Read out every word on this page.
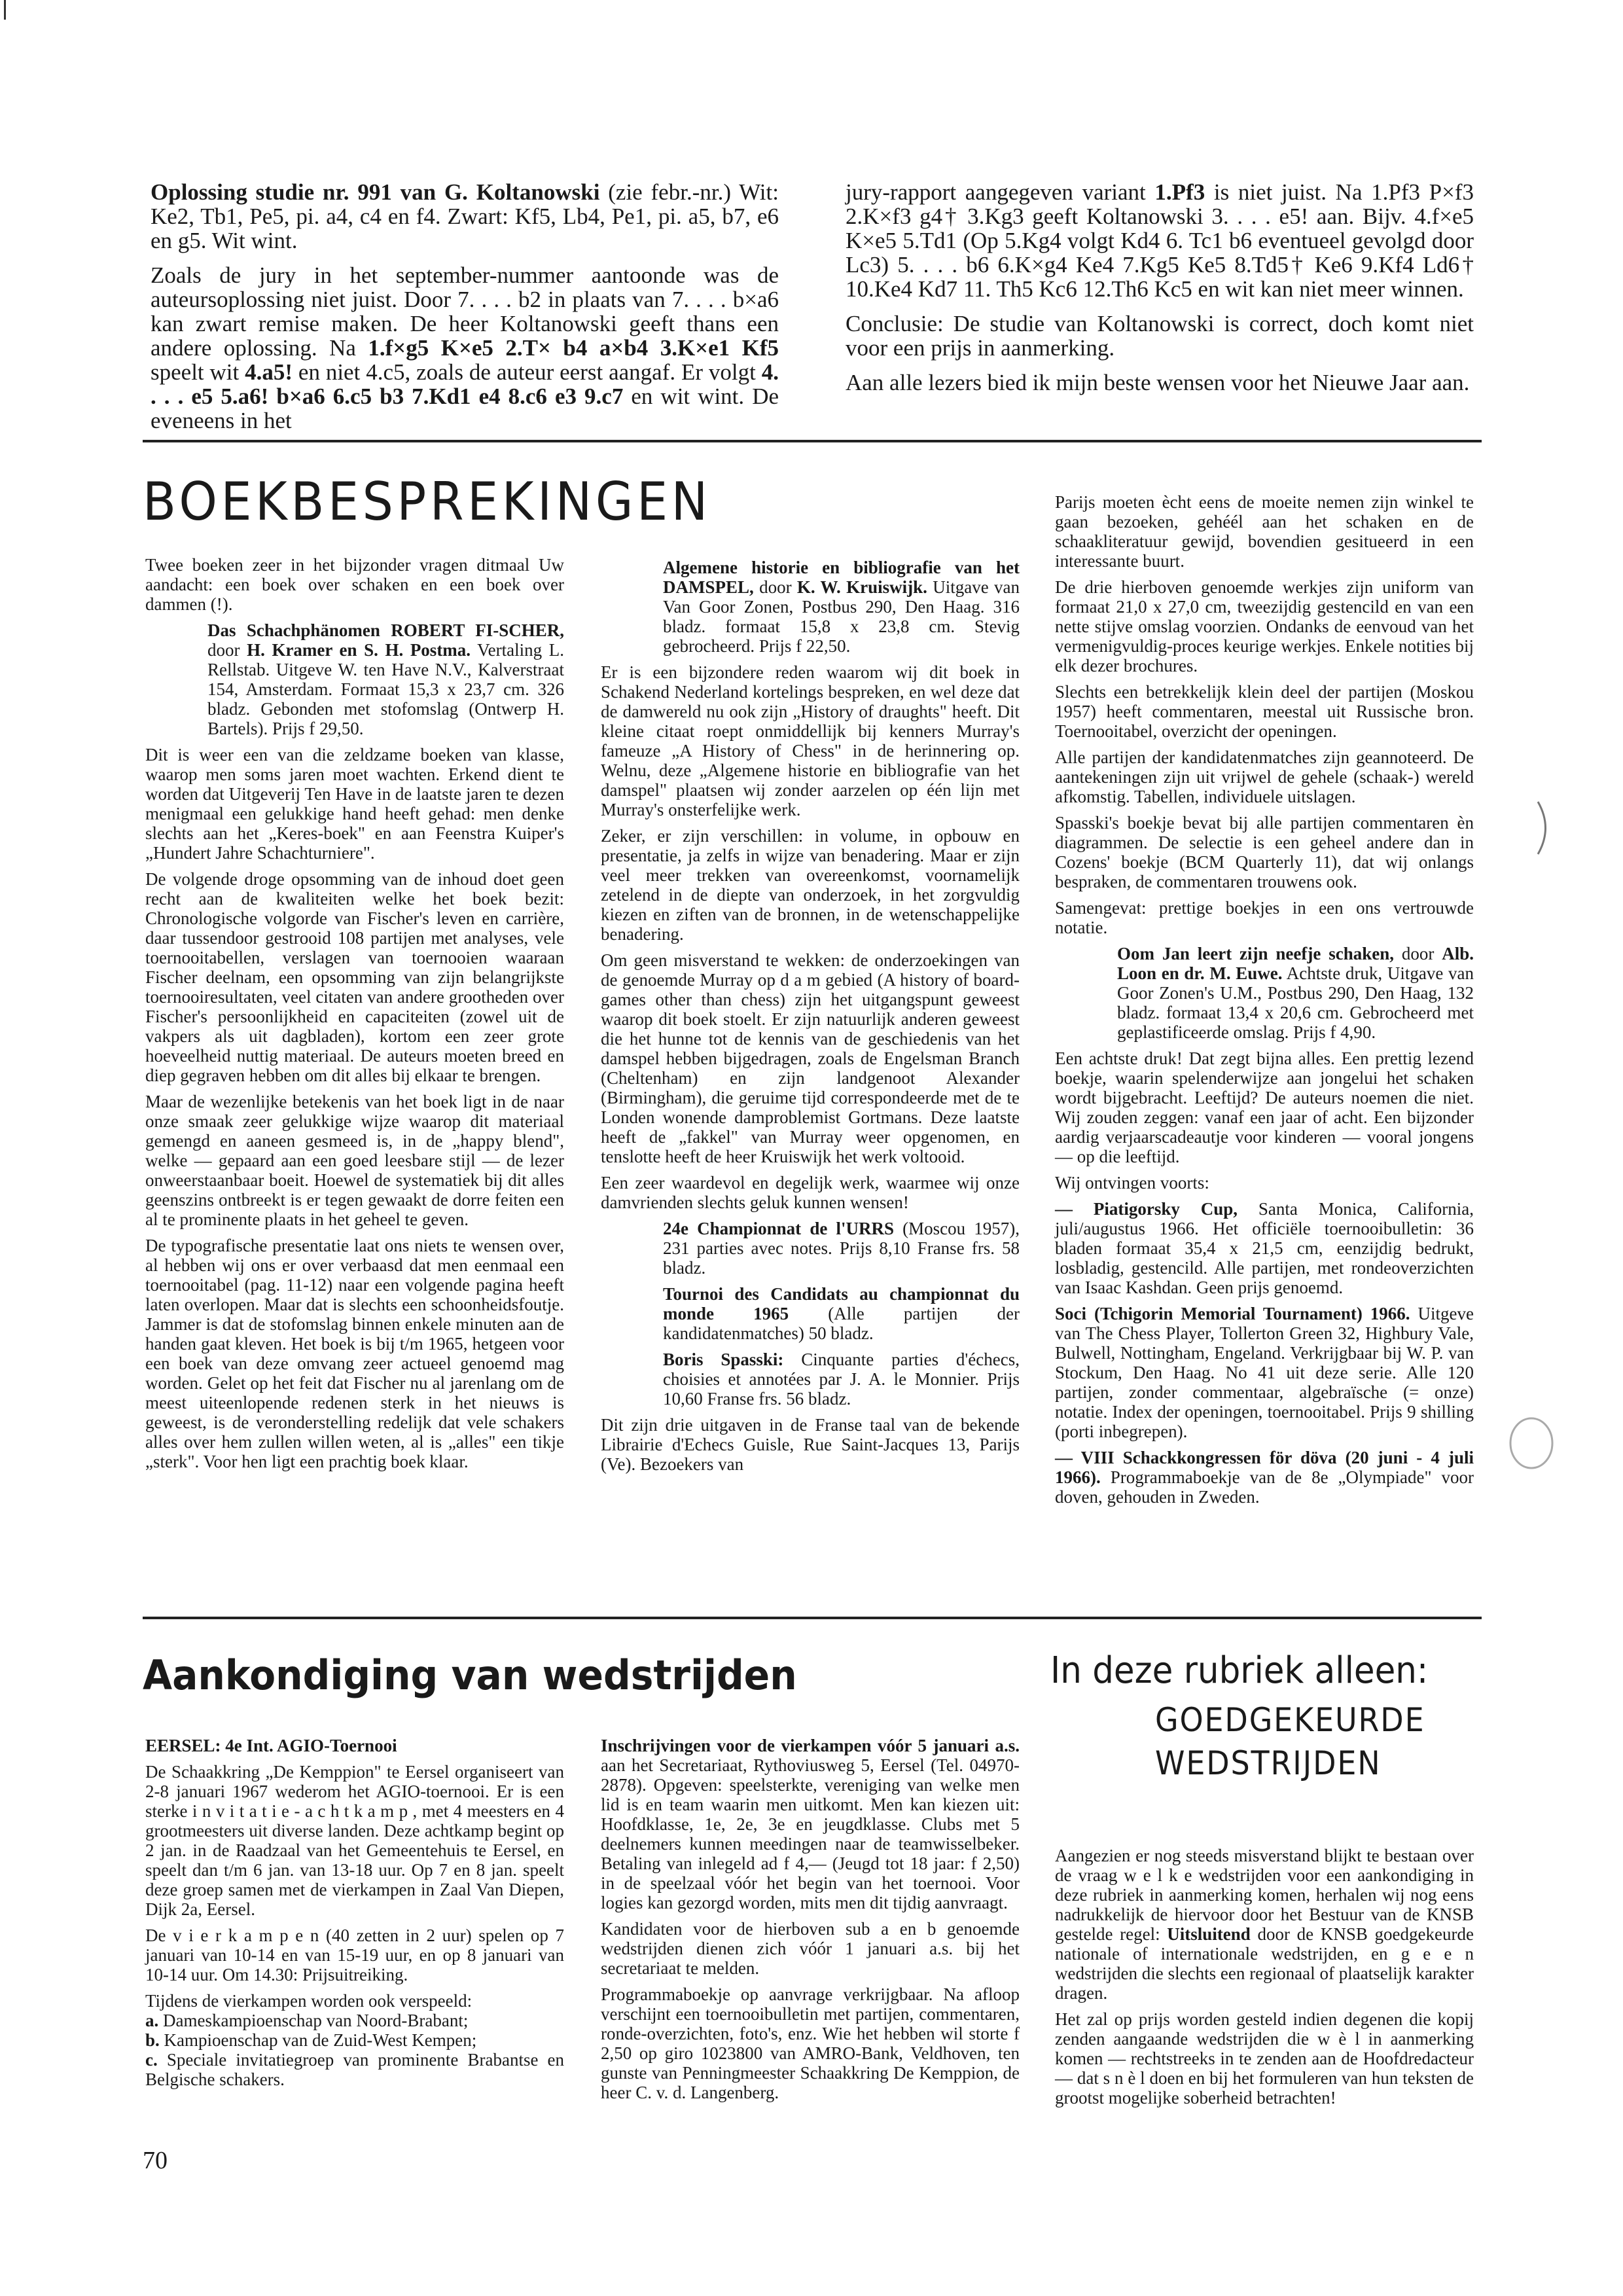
Oplossing studie nr. 991 van G. Koltanowski (zie febr.-nr.) Wit: Ke2, Tb1, Pe5, pi. a4, c4 en f4. Zwart: Kf5, Lb4, Pe1, pi. a5, b7, e6 en g5. Wit wint.

Zoals de jury in het september-nummer aantoonde was de auteursoplossing niet juist. Door 7. . . . b2 in plaats van 7. . . . b×a6 kan zwart remise maken. De heer Koltanowski geeft thans een andere oplossing. Na 1.f×g5 K×e5 2.T× b4 a×b4 3.K×e1 Kf5 speelt wit 4.a5! en niet 4.c5, zoals de auteur eerst aangaf. Er volgt 4. . . . e5 5.a6! b×a6 6.c5 b3 7.Kd1 e4 8.c6 e3 9.c7 en wit wint. De eveneens in het

jury-rapport aangegeven variant 1.Pf3 is niet juist. Na 1.Pf3 P×f3 2.K×f3 g4† 3.Kg3 geeft Koltanowski 3. . . . e5! aan. Bijv. 4.f×e5 K×e5 5.Td1 (Op 5.Kg4 volgt Kd4 6. Tc1 b6 eventueel gevolgd door Lc3) 5. . . . b6 6.K×g4 Ke4 7.Kg5 Ke5 8.Td5† Ke6 9.Kf4 Ld6† 10.Ke4 Kd7 11. Th5 Kc6 12.Th6 Kc5 en wit kan niet meer winnen.

Conclusie: De studie van Koltanowski is correct, doch komt niet voor een prijs in aanmerking.

Aan alle lezers bied ik mijn beste wensen voor het Nieuwe Jaar aan.

BOEKBESPREKINGEN

Twee boeken zeer in het bijzonder vragen ditmaal Uw aandacht: een boek over schaken en een boek over dammen (!).

Das Schachphänomen ROBERT FI-SCHER, door H. Kramer en S. H. Postma. Vertaling L. Rellstab. Uitgeve W. ten Have N.V., Kalverstraat 154, Amsterdam. Formaat 15,3 x 23,7 cm. 326 bladz. Gebonden met stofomslag (Ontwerp H. Bartels). Prijs f 29,50.

Dit is weer een van die zeldzame boeken van klasse, waarop men soms jaren moet wachten. Erkend dient te worden dat Uitgeverij Ten Have in de laatste jaren te dezen menigmaal een gelukkige hand heeft gehad: men denke slechts aan het „Keres-boek" en aan Feenstra Kuiper's „Hundert Jahre Schachturniere".

De volgende droge opsomming van de inhoud doet geen recht aan de kwaliteiten welke het boek bezit: Chronologische volgorde van Fischer's leven en carrière, daar tussendoor gestrooid 108 partijen met analyses, vele toernooitabellen, verslagen van toernooien waaraan Fischer deelnam, een opsomming van zijn belangrijkste toernooiresultaten, veel citaten van andere grootheden over Fischer's persoonlijkheid en capaciteiten (zowel uit de vakpers als uit dagbladen), kortom een zeer grote hoeveelheid nuttig materiaal. De auteurs moeten breed en diep gegraven hebben om dit alles bij elkaar te brengen.

Maar de wezenlijke betekenis van het boek ligt in de naar onze smaak zeer gelukkige wijze waarop dit materiaal gemengd en aaneen gesmeed is, in de „happy blend", welke — gepaard aan een goed leesbare stijl — de lezer onweerstaanbaar boeit. Hoewel de systematiek bij dit alles geenszins ontbreekt is er tegen gewaakt de dorre feiten een al te prominente plaats in het geheel te geven.

De typografische presentatie laat ons niets te wensen over, al hebben wij ons er over verbaasd dat men eenmaal een toernooitabel (pag. 11-12) naar een volgende pagina heeft laten overlopen. Maar dat is slechts een schoonheidsfoutje. Jammer is dat de stofomslag binnen enkele minuten aan de handen gaat kleven. Het boek is bij t/m 1965, hetgeen voor een boek van deze omvang zeer actueel genoemd mag worden. Gelet op het feit dat Fischer nu al jarenlang om de meest uiteenlopende redenen sterk in het nieuws is geweest, is de veronderstelling redelijk dat vele schakers alles over hem zullen willen weten, al is „alles" een tikje „sterk". Voor hen ligt een prachtig boek klaar.

Algemene historie en bibliografie van het DAMSPEL, door K. W. Kruiswijk. Uitgave van Van Goor Zonen, Postbus 290, Den Haag. 316 bladz. formaat 15,8 x 23,8 cm. Stevig gebrocheerd. Prijs f 22,50.

Er is een bijzondere reden waarom wij dit boek in Schakend Nederland kortelings bespreken, en wel deze dat de damwereld nu ook zijn „History of draughts" heeft. Dit kleine citaat roept onmiddellijk bij kenners Murray's fameuze „A History of Chess" in de herinnering op. Welnu, deze „Algemene historie en bibliografie van het damspel" plaatsen wij zonder aarzelen op één lijn met Murray's onsterfelijke werk.

Zeker, er zijn verschillen: in volume, in opbouw en presentatie, ja zelfs in wijze van benadering. Maar er zijn veel meer trekken van overeenkomst, voornamelijk zetelend in de diepte van onderzoek, in het zorgvuldig kiezen en ziften van de bronnen, in de wetenschappelijke benadering.

Om geen misverstand te wekken: de onderzoekingen van de genoemde Murray op d a m gebied (A history of board-games other than chess) zijn het uitgangspunt geweest waarop dit boek stoelt. Er zijn natuurlijk anderen geweest die het hunne tot de kennis van de geschiedenis van het damspel hebben bijgedragen, zoals de Engelsman Branch (Cheltenham) en zijn landgenoot Alexander (Birmingham), die geruime tijd correspondeerde met de te Londen wonende damproblemist Gortmans. Deze laatste heeft de „fakkel" van Murray weer opgenomen, en tenslotte heeft de heer Kruiswijk het werk voltooid.

Een zeer waardevol en degelijk werk, waarmee wij onze damvrienden slechts geluk kunnen wensen!

24e Championnat de l'URRS (Moscou 1957), 231 parties avec notes. Prijs 8,10 Franse frs. 58 bladz.

Tournoi des Candidats au championnat du monde 1965 (Alle partijen der kandidatenmatches) 50 bladz.

Boris Spasski: Cinquante parties d'échecs, choisies et annotées par J. A. le Monnier. Prijs 10,60 Franse frs. 56 bladz.

Dit zijn drie uitgaven in de Franse taal van de bekende Librairie d'Echecs Guisle, Rue Saint-Jacques 13, Parijs (Ve). Bezoekers van

Parijs moeten ècht eens de moeite nemen zijn winkel te gaan bezoeken, gehéél aan het schaken en de schaakliteratuur gewijd, bovendien gesitueerd in een interessante buurt.

De drie hierboven genoemde werkjes zijn uniform van formaat 21,0 x 27,0 cm, tweezijdig gestencild en van een nette stijve omslag voorzien. Ondanks de eenvoud van het vermenigvuldig-proces keurige werkjes. Enkele notities bij elk dezer brochures.

Slechts een betrekkelijk klein deel der partijen (Moskou 1957) heeft commentaren, meestal uit Russische bron. Toernooitabel, overzicht der openingen.

Alle partijen der kandidatenmatches zijn geannoteerd. De aantekeningen zijn uit vrijwel de gehele (schaak-) wereld afkomstig. Tabellen, individuele uitslagen.

Spasski's boekje bevat bij alle partijen commentaren èn diagrammen. De selectie is een geheel andere dan in Cozens' boekje (BCM Quarterly 11), dat wij onlangs bespraken, de commentaren trouwens ook.

Samengevat: prettige boekjes in een ons vertrouwde notatie.

Oom Jan leert zijn neefje schaken, door Alb. Loon en dr. M. Euwe. Achtste druk, Uitgave van Goor Zonen's U.M., Postbus 290, Den Haag, 132 bladz. formaat 13,4 x 20,6 cm. Gebrocheerd met geplastificeerde omslag. Prijs f 4,90.

Een achtste druk! Dat zegt bijna alles. Een prettig lezend boekje, waarin spelenderwijze aan jongelui het schaken wordt bijgebracht. Leeftijd? De auteurs noemen die niet. Wij zouden zeggen: vanaf een jaar of acht. Een bijzonder aardig verjaarscadeautje voor kinderen — vooral jongens — op die leeftijd.

Wij ontvingen voorts:

— Piatigorsky Cup, Santa Monica, California, juli/augustus 1966. Het officiële toernooibulletin: 36 bladen formaat 35,4 x 21,5 cm, eenzijdig bedrukt, losbladig, gestencild. Alle partijen, met rondeoverzichten van Isaac Kashdan. Geen prijs genoemd.

Soci (Tchigorin Memorial Tournament) 1966. Uitgeve van The Chess Player, Tollerton Green 32, Highbury Vale, Bulwell, Nottingham, Engeland. Verkrijgbaar bij W. P. van Stockum, Den Haag. No 41 uit deze serie. Alle 120 partijen, zonder commentaar, algebraïsche (= onze) notatie. Index der openingen, toernooitabel. Prijs 9 shilling (porti inbegrepen).

— VIII Schackkongressen för döva (20 juni - 4 juli 1966). Programmaboekje van de 8e „Olympiade" voor doven, gehouden in Zweden.

Aankondiging van wedstrijden	In deze rubriek alleen:
GOEDGEKEURDE WEDSTRIJDEN

EERSEL: 4e Int. AGIO-Toernooi

De Schaakkring „De Kemppion" te Eersel organiseert van 2-8 januari 1967 wederom het AGIO-toernooi. Er is een sterke i n v i t a t i e - a c h t k a m p , met 4 meesters en 4 grootmeesters uit diverse landen. Deze achtkamp begint op 2 jan. in de Raadzaal van het Gemeentehuis te Eersel, en speelt dan t/m 6 jan. van 13-18 uur. Op 7 en 8 jan. speelt deze groep samen met de vierkampen in Zaal Van Diepen, Dijk 2a, Eersel.

De v i e r k a m p e n (40 zetten in 2 uur) spelen op 7 januari van 10-14 en van 15-19 uur, en op 8 januari van 10-14 uur. Om 14.30: Prijsuitreiking.

Tijdens de vierkampen worden ook verspeeld:
a. Dameskampioenschap van Noord-Brabant;
b. Kampioenschap van de Zuid-West Kempen;
c. Speciale invitatiegroep van prominente Brabantse en Belgische schakers.

Inschrijvingen voor de vierkampen vóór 5 januari a.s. aan het Secretariaat, Rythoviusweg 5, Eersel (Tel. 04970-2878). Opgeven: speelsterkte, vereniging van welke men lid is en team waarin men uitkomt. Men kan kiezen uit: Hoofdklasse, 1e, 2e, 3e en jeugdklasse. Clubs met 5 deelnemers kunnen meedingen naar de teamwisselbeker. Betaling van inlegeld ad f 4,— (Jeugd tot 18 jaar: f 2,50) in de speelzaal vóór het begin van het toernooi. Voor logies kan gezorgd worden, mits men dit tijdig aanvraagt.

Kandidaten voor de hierboven sub a en b genoemde wedstrijden dienen zich vóór 1 januari a.s. bij het secretariaat te melden.

Programmaboekje op aanvrage verkrijgbaar. Na afloop verschijnt een toernooibulletin met partijen, commentaren, ronde-overzichten, foto's, enz. Wie het hebben wil storte f 2,50 op giro 1023800 van AMRO-Bank, Veldhoven, ten gunste van Penningmeester Schaakkring De Kemppion, de heer C. v. d. Langenberg.

Aangezien er nog steeds misverstand blijkt te bestaan over de vraag w e l k e wedstrijden voor een aankondiging in deze rubriek in aanmerking komen, herhalen wij nog eens nadrukkelijk de hiervoor door het Bestuur van de KNSB gestelde regel: Uitsluitend door de KNSB goedgekeurde nationale of internationale wedstrijden, en g e e n wedstrijden die slechts een regionaal of plaatselijk karakter dragen.

Het zal op prijs worden gesteld indien degenen die kopij zenden aangaande wedstrijden die w è l in aanmerking komen — rechtstreeks in te zenden aan de Hoofdredacteur — dat s n è l doen en bij het formuleren van hun teksten de grootst mogelijke soberheid betrachten!

70
